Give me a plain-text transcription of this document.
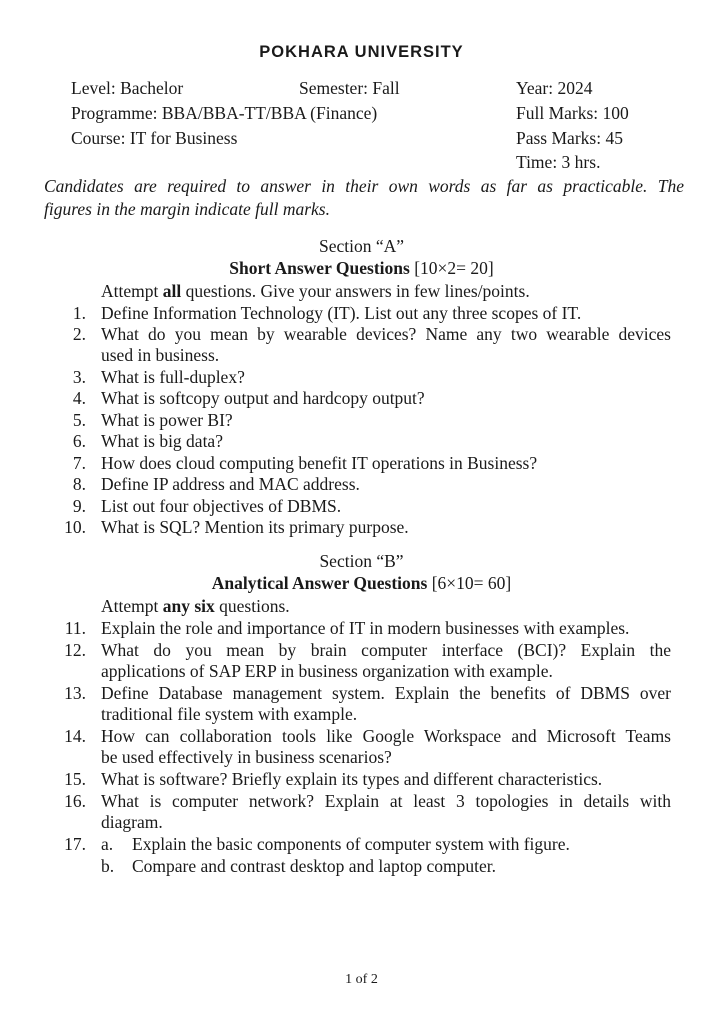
POKHARA UNIVERSITY
Level: Bachelor	Semester: Fall	Year: 2024
Programme: BBA/BBA-TT/BBA (Finance)	Full Marks: 100
Course: IT for Business	Pass Marks: 45
Time: 3 hrs.
Candidates are required to answer in their own words as far as practicable. The
figures in the margin indicate full marks.
Section “A”
Short Answer Questions [10×2= 20]
Attempt all questions. Give your answers in few lines/points.
1. Define Information Technology (IT). List out any three scopes of IT.
2. What do you mean by wearable devices? Name any two wearable devices
used in business.
3. What is full-duplex?
4. What is softcopy output and hardcopy output?
5. What is power BI?
6. What is big data?
7. How does cloud computing benefit IT operations in Business?
8. Define IP address and MAC address.
9. List out four objectives of DBMS.
10. What is SQL? Mention its primary purpose.
Section “B”
Analytical Answer Questions [6×10= 60]
Attempt any six questions.
11. Explain the role and importance of IT in modern businesses with examples.
12. What do you mean by brain computer interface (BCI)? Explain the
applications of SAP ERP in business organization with example.
13. Define Database management system. Explain the benefits of DBMS over
traditional file system with example.
14. How can collaboration tools like Google Workspace and Microsoft Teams
be used effectively in business scenarios?
15. What is software? Briefly explain its types and different characteristics.
16. What is computer network? Explain at least 3 topologies in details with
diagram.
17. a. Explain the basic components of computer system with figure.
b. Compare and contrast desktop and laptop computer.
1 of 2
